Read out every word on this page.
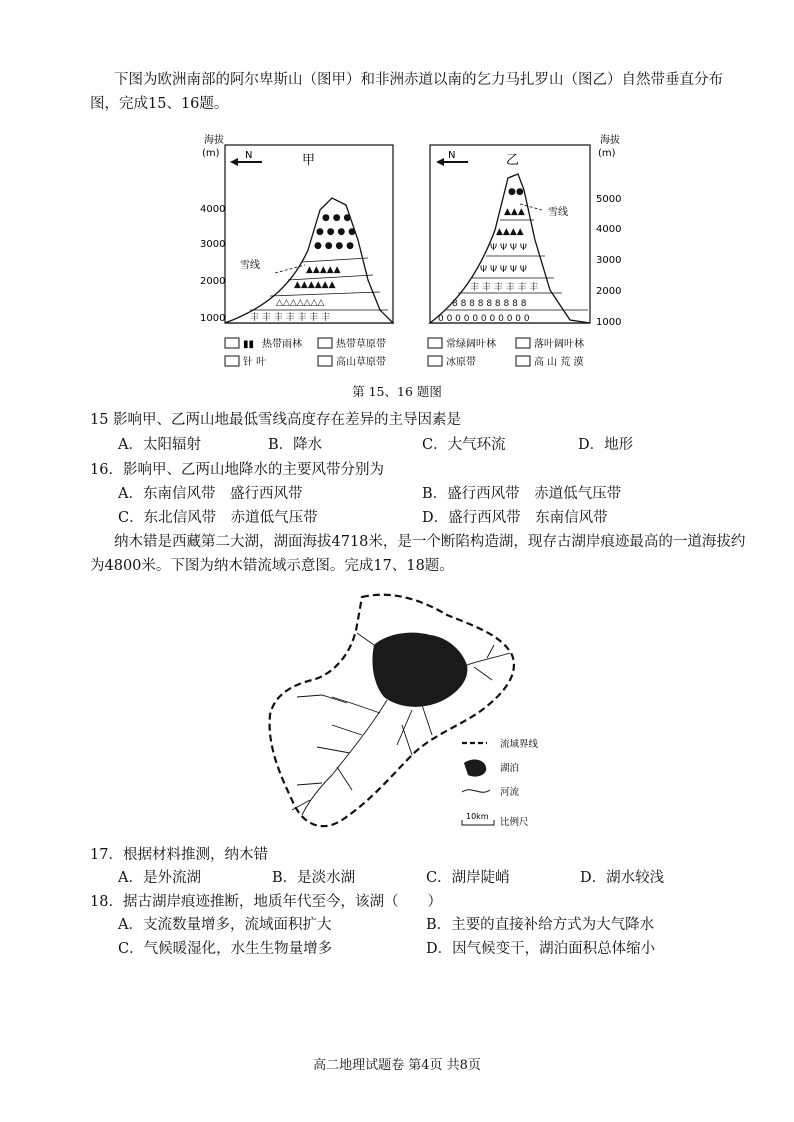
下图为欧洲南部的阿尔卑斯山（图甲）和非洲赤道以南的乞力马扎罗山（图乙）自然带垂直分布图，完成15、16题。
海拔
(m)
4000
3000
2000
1000
N	甲
雪线
● ● ●
● ● ● ●
● ● ● ●
▲▲▲▲▲
▲▲▲▲▲▲
△△△△△△△
丰 丰 丰 丰 丰 丰 丰
海拔
(m)
5000
4000
3000
2000
1000
N	乙
雪线
●●
▲▲▲
▲▲▲▲
Ψ Ψ Ψ Ψ
Ψ Ψ Ψ Ψ Ψ
丰 丰 丰 丰 丰 丰
8 8 8 8 8 8 8 8 8
0 0 0 0 0 0 0 0 0 0 0
▮▮ 热带雨林	热带草原带	常绿阔叶林	落叶阔叶林
针 叶	高山草原带	冰原带	高 山 荒 漠
第 15、16 题图
15 影响甲、乙两山地最低雪线高度存在差异的主导因素是
A．太阳辐射	B．降水	C．大气环流	D．地形
16．影响甲、乙两山地降水的主要风带分别为
A．东南信风带　盛行西风带	B．盛行西风带　赤道低气压带
C．东北信风带　赤道低气压带	D．盛行西风带　东南信风带
纳木错是西藏第二大湖，湖面海拔4718米，是一个断陷构造湖，现存古湖岸痕迹最高的一道海拔约为4800米。下图为纳木错流域示意图。完成17、18题。
流域界线
湖泊
河流
10km
比例尺
17．根据材料推测，纳木错
A．是外流湖	B．是淡水湖	C．湖岸陡峭	D．湖水较浅
18．据古湖岸痕迹推断，地质年代至今，该湖（　　）
A．支流数量增多，流域面积扩大	B．主要的直接补给方式为大气降水
C．气候暖湿化，水生生物量增多	D．因气候变干，湖泊面积总体缩小
高二地理试题卷 第4页 共8页
